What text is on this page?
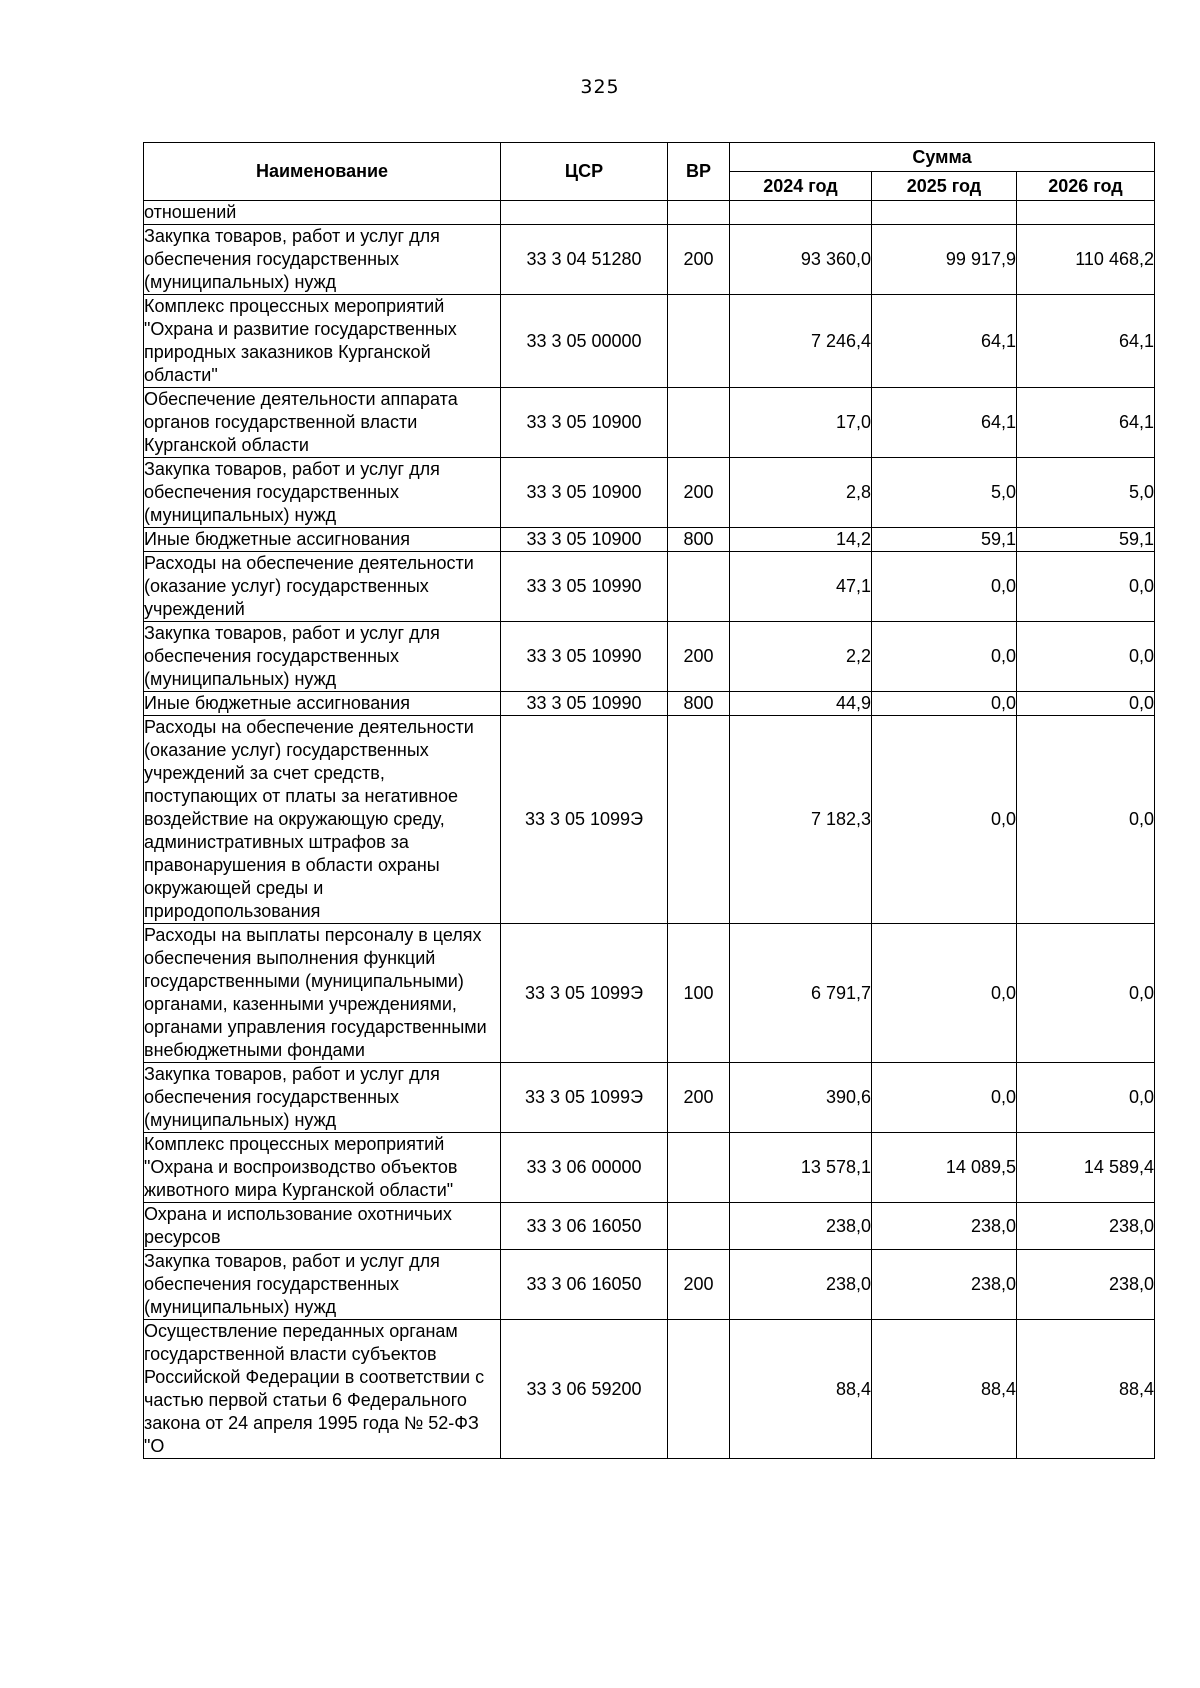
325
Наименование	ЦСР	ВР	Сумма		
			2024 год	2025 год	2026 год
отношений					
Закупка товаров, работ и услуг для обеспечения государственных (муниципальных) нужд	33 3 04 51280	200	93 360,0	99 917,9	110 468,2
Комплекс процессных мероприятий "Охрана и развитие государственных природных заказников Курганской области"	33 3 05 00000		7 246,4	64,1	64,1
Обеспечение деятельности аппарата органов государственной власти Курганской области	33 3 05 10900		17,0	64,1	64,1
Закупка товаров, работ и услуг для обеспечения государственных (муниципальных) нужд	33 3 05 10900	200	2,8	5,0	5,0
Иные бюджетные ассигнования	33 3 05 10900	800	14,2	59,1	59,1
Расходы на обеспечение деятельности (оказание услуг) государственных учреждений	33 3 05 10990		47,1	0,0	0,0
Закупка товаров, работ и услуг для обеспечения государственных (муниципальных) нужд	33 3 05 10990	200	2,2	0,0	0,0
Иные бюджетные ассигнования	33 3 05 10990	800	44,9	0,0	0,0
Расходы на обеспечение деятельности (оказание услуг) государственных учреждений за счет средств, поступающих от платы за негативное воздействие на окружающую среду, административных штрафов за правонарушения в области охраны окружающей среды и природопользования	33 3 05 1099Э		7 182,3	0,0	0,0
Расходы на выплаты персоналу в целях обеспечения выполнения функций государственными (муниципальными) органами, казенными учреждениями, органами управления государственными внебюджетными фондами	33 3 05 1099Э	100	6 791,7	0,0	0,0
Закупка товаров, работ и услуг для обеспечения государственных (муниципальных) нужд	33 3 05 1099Э	200	390,6	0,0	0,0
Комплекс процессных мероприятий "Охрана и воспроизводство объектов животного мира Курганской области"	33 3 06 00000		13 578,1	14 089,5	14 589,4
Охрана и использование охотничьих ресурсов	33 3 06 16050		238,0	238,0	238,0
Закупка товаров, работ и услуг для обеспечения государственных (муниципальных) нужд	33 3 06 16050	200	238,0	238,0	238,0
Осуществление переданных органам государственной власти субъектов Российской Федерации в соответствии с частью первой статьи 6 Федерального закона от 24 апреля 1995 года № 52-ФЗ "О	33 3 06 59200		88,4	88,4	88,4
